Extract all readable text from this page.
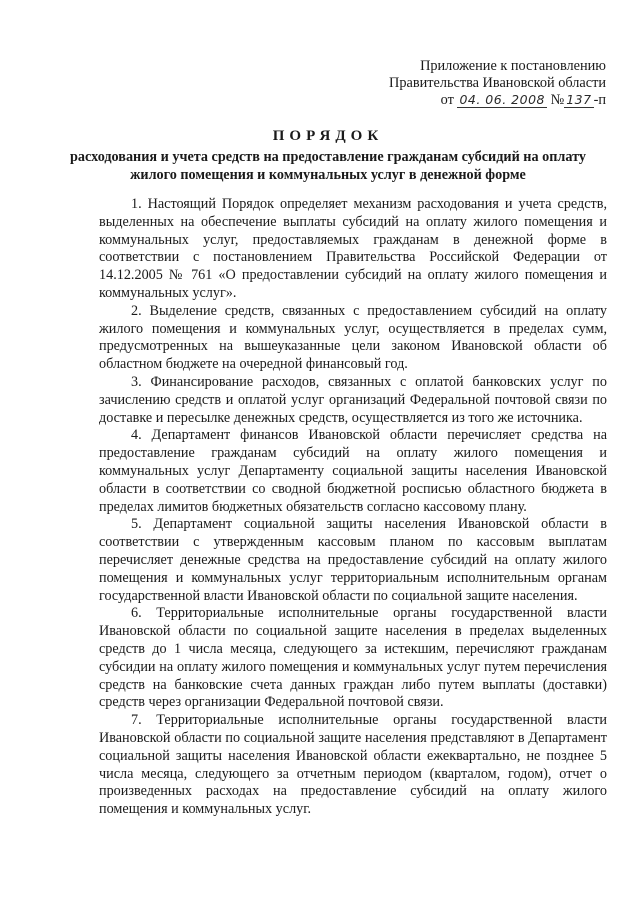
Приложение к постановлению
Правительства Ивановской области
от 04. 06. 2008 № 137 -п
ПОРЯДОК
расходования и учета средств на предоставление гражданам субсидий на оплату жилого помещения и коммунальных услуг в денежной форме

1. Настоящий Порядок определяет механизм расходования и учета средств, выделенных на обеспечение выплаты субсидий на оплату жилого помещения и коммунальных услуг, предоставляемых гражданам в денежной форме в соответствии с постановлением Правительства Российской Федерации от 14.12.2005 № 761 «О предоставлении субсидий на оплату жилого помещения и коммунальных услуг».

2. Выделение средств, связанных с предоставлением субсидий на оплату жилого помещения и коммунальных услуг, осуществляется в пределах сумм, предусмотренных на вышеуказанные цели законом Ивановской области об областном бюджете на очередной финансовый год.

3. Финансирование расходов, связанных с оплатой банковских услуг по зачислению средств и оплатой услуг организаций Федеральной почтовой связи по доставке и пересылке денежных средств, осуществляется из того же источника.

4. Департамент финансов Ивановской области перечисляет средства на предоставление гражданам субсидий на оплату жилого помещения и коммунальных услуг Департаменту социальной защиты населения Ивановской области в соответствии со сводной бюджетной росписью областного бюджета в пределах лимитов бюджетных обязательств согласно кассовому плану.

5. Департамент социальной защиты населения Ивановской области в соответствии с утвержденным кассовым планом по кассовым выплатам перечисляет денежные средства на предоставление субсидий на оплату жилого помещения и коммунальных услуг территориальным исполнительным органам государственной власти Ивановской области по социальной защите населения.

6. Территориальные исполнительные органы государственной власти Ивановской области по социальной защите населения в пределах выделенных средств до 1 числа месяца, следующего за истекшим, перечисляют гражданам субсидии на оплату жилого помещения и коммунальных услуг путем перечисления средств на банковские счета данных граждан либо путем выплаты (доставки) средств через организации Федеральной почтовой связи.

7. Территориальные исполнительные органы государственной власти Ивановской области по социальной защите населения представляют в Департамент социальной защиты населения Ивановской области ежеквартально, не позднее 5 числа месяца, следующего за отчетным периодом (кварталом, годом), отчет о произведенных расходах на предоставление субсидий на оплату жилого помещения и коммунальных услуг.
